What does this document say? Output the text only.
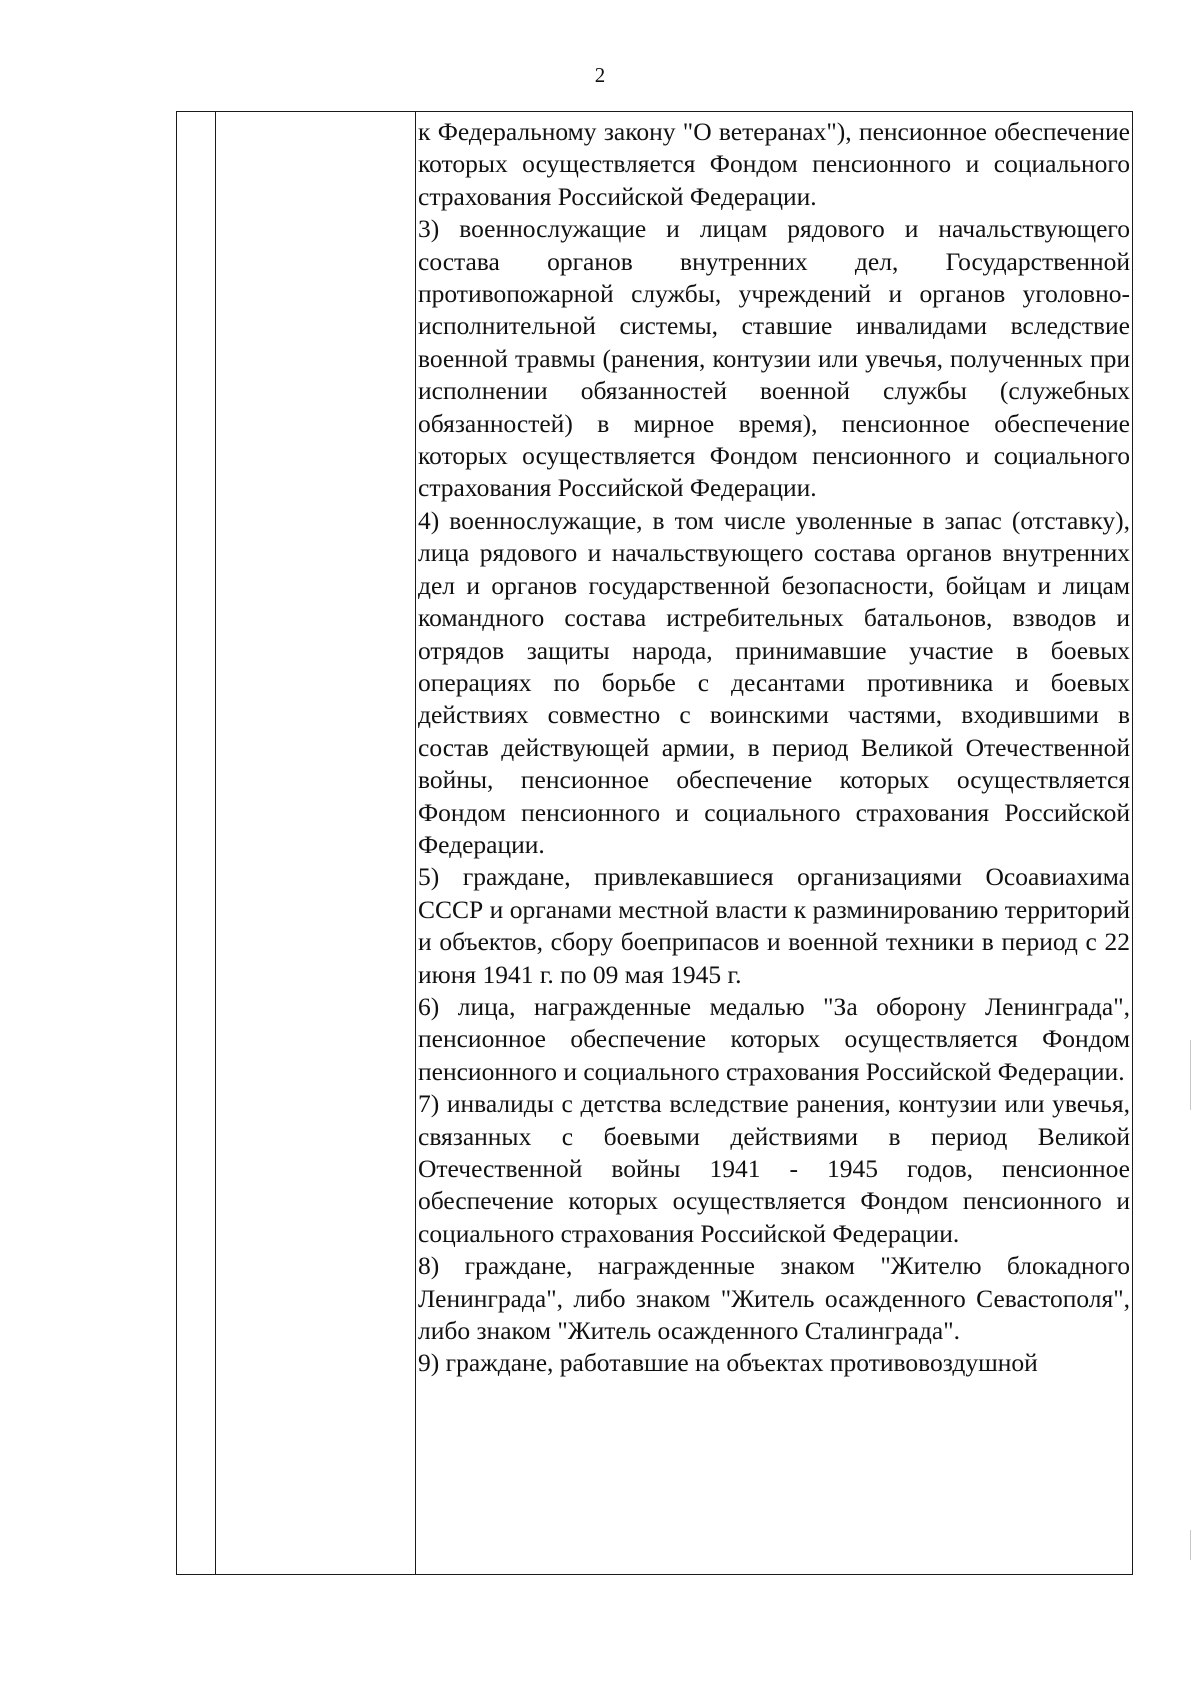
2

к Федеральному закону "О ветеранах"), пенсионное обеспечение которых осуществляется Фондом пенсионного и социального страхования Российской Федерации.

3) военнослужащие и лицам рядового и начальствующего состава органов внутренних дел, Государственной противопожарной службы, учреждений и органов уголовно-исполнительной системы, ставшие инвалидами вследствие военной травмы (ранения, контузии или увечья, полученных при исполнении обязанностей военной службы (служебных обязанностей) в мирное время), пенсионное обеспечение которых осуществляется Фондом пенсионного и социального страхования Российской Федерации.

4) военнослужащие, в том числе уволенные в запас (отставку), лица рядового и начальствующего состава органов внутренних дел и органов государственной безопасности, бойцам и лицам командного состава истребительных батальонов, взводов и отрядов защиты народа, принимавшие участие в боевых операциях по борьбе с десантами противника и боевых действиях совместно с воинскими частями, входившими в состав действующей армии, в период Великой Отечественной войны, пенсионное обеспечение которых осуществляется Фондом пенсионного и социального страхования Российской Федерации.

5) граждане, привлекавшиеся организациями Осоавиахима СССР и органами местной власти к разминированию территорий и объектов, сбору боеприпасов и военной техники в период с 22 июня 1941 г. по 09 мая 1945 г.

6) лица, награжденные медалью "За оборону Ленинграда", пенсионное обеспечение которых осуществляется Фондом пенсионного и социального страхования Российской Федерации.

7) инвалиды с детства вследствие ранения, контузии или увечья, связанных с боевыми действиями в период Великой Отечественной войны 1941 - 1945 годов, пенсионное обеспечение которых осуществляется Фондом пенсионного и социального страхования Российской Федерации.

8) граждане, награжденные знаком "Жителю блокадного Ленинграда", либо знаком "Житель осажденного Севастополя", либо знаком "Житель осажденного Сталинграда".

9) граждане, работавшие на объектах противовоздушной
